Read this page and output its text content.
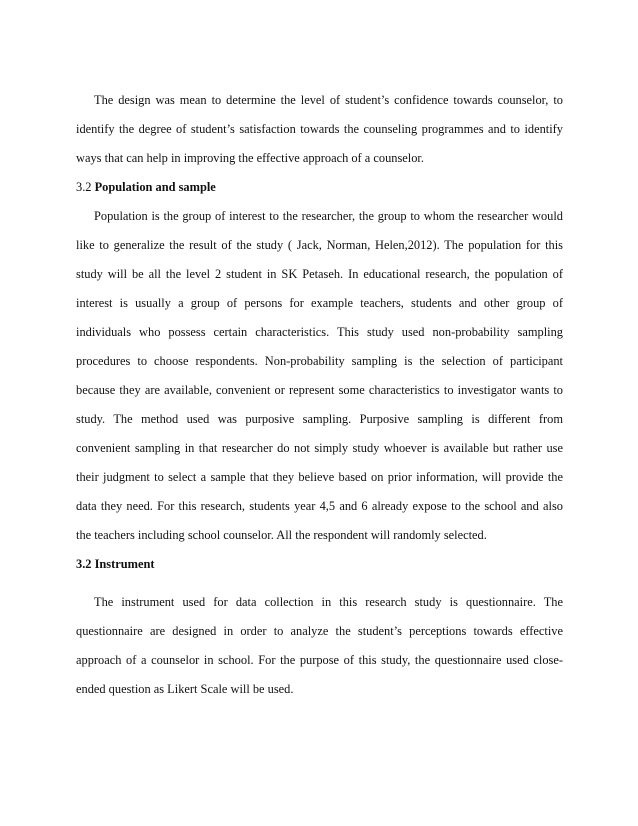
The design was mean to determine the level of student’s confidence towards counselor, to
identify the degree of student’s satisfaction towards the counseling programmes and to identify
ways that can help in improving the effective approach of a counselor.
3.2 Population and sample
Population is the group of interest to the researcher, the group to whom the researcher would
like to generalize the result of the study ( Jack, Norman, Helen,2012). The population for this
study will be all the level 2 student in SK Petaseh. In educational research, the population of
interest is usually a group of persons for example teachers, students and other group of
individuals who possess certain characteristics. This study used non-probability sampling
procedures to choose respondents. Non-probability sampling is the selection of participant
because they are available, convenient or represent some characteristics to investigator wants to
study. The method used was purposive sampling. Purposive sampling is different from
convenient sampling in that researcher do not simply study whoever is available but rather use
their judgment to select a sample that they believe based on prior information, will provide the
data they need. For this research, students year 4,5 and 6 already expose to the school and also
the teachers including school counselor. All the respondent will randomly selected.
3.2 Instrument
The instrument used for data collection in this research study is questionnaire. The
questionnaire are designed in order to analyze the student’s perceptions towards effective
approach of a counselor in school. For the purpose of this study, the questionnaire used close-
ended question as Likert Scale will be used.
